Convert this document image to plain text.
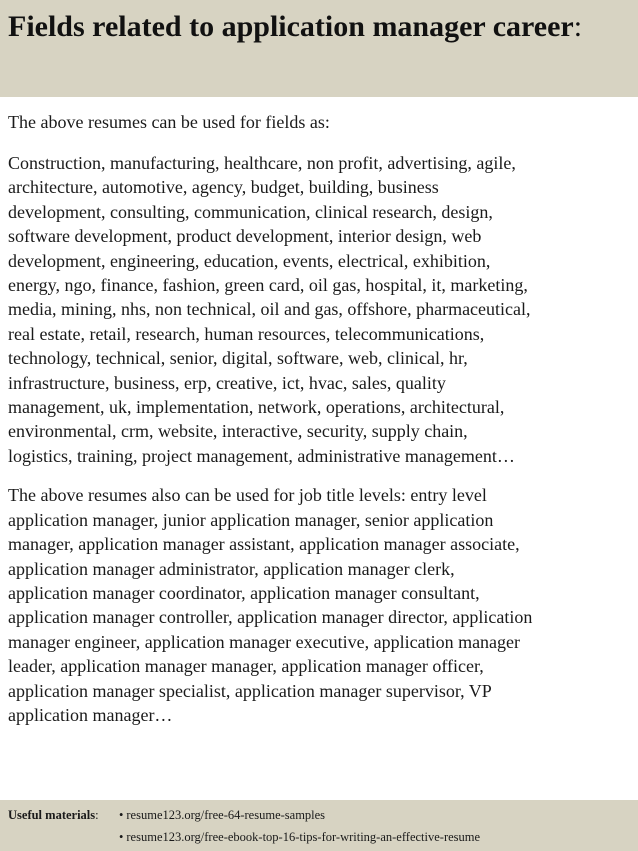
Fields related to application manager career:

The above resumes can be used for fields as:

Construction, manufacturing, healthcare, non profit, advertising, agile,
architecture, automotive, agency, budget, building, business
development, consulting, communication, clinical research, design,
software development, product development, interior design, web
development, engineering, education, events, electrical, exhibition,
energy, ngo, finance, fashion, green card, oil gas, hospital, it, marketing,
media, mining, nhs, non technical, oil and gas, offshore, pharmaceutical,
real estate, retail, research, human resources, telecommunications,
technology, technical, senior, digital, software, web, clinical, hr,
infrastructure, business, erp, creative, ict, hvac, sales, quality
management, uk, implementation, network, operations, architectural,
environmental, crm, website, interactive, security, supply chain,
logistics, training, project management, administrative management…

The above resumes also can be used for job title levels: entry level
application manager, junior application manager, senior application
manager, application manager assistant, application manager associate,
application manager administrator, application manager clerk,
application manager coordinator, application manager consultant,
application manager controller, application manager director, application
manager engineer, application manager executive, application manager
leader, application manager manager, application manager officer,
application manager specialist, application manager supervisor, VP
application manager…

Useful materials:	• resume123.org/free-64-resume-samples
• resume123.org/free-ebook-top-16-tips-for-writing-an-effective-resume
